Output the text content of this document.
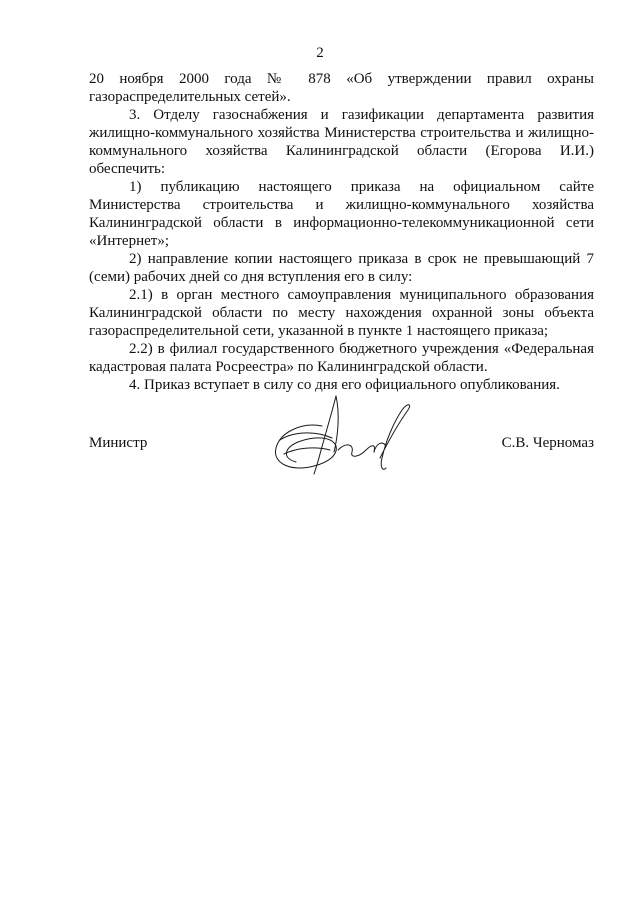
2

20 ноября 2000 года № 878 «Об утверждении правил охраны газораспределительных сетей».

3. Отделу газоснабжения и газификации департамента развития жилищно-коммунального хозяйства Министерства строительства и жилищно-коммунального хозяйства Калининградской области (Егорова И.И.) обеспечить:

1) публикацию настоящего приказа на официальном сайте Министерства строительства и жилищно-коммунального хозяйства Калининградской области в информационно-телекоммуникационной сети «Интернет»;

2) направление копии настоящего приказа в срок не превышающий 7 (семи) рабочих дней со дня вступления его в силу:

2.1) в орган местного самоуправления муниципального образования Калининградской области по месту нахождения охранной зоны объекта газораспределительной сети, указанной в пункте 1 настоящего приказа;

2.2) в филиал государственного бюджетного учреждения «Федеральная кадастровая палата Росреестра» по Калининградской области.

4. Приказ вступает в силу со дня его официального опубликования.

Министр	С.В. Черномаз
